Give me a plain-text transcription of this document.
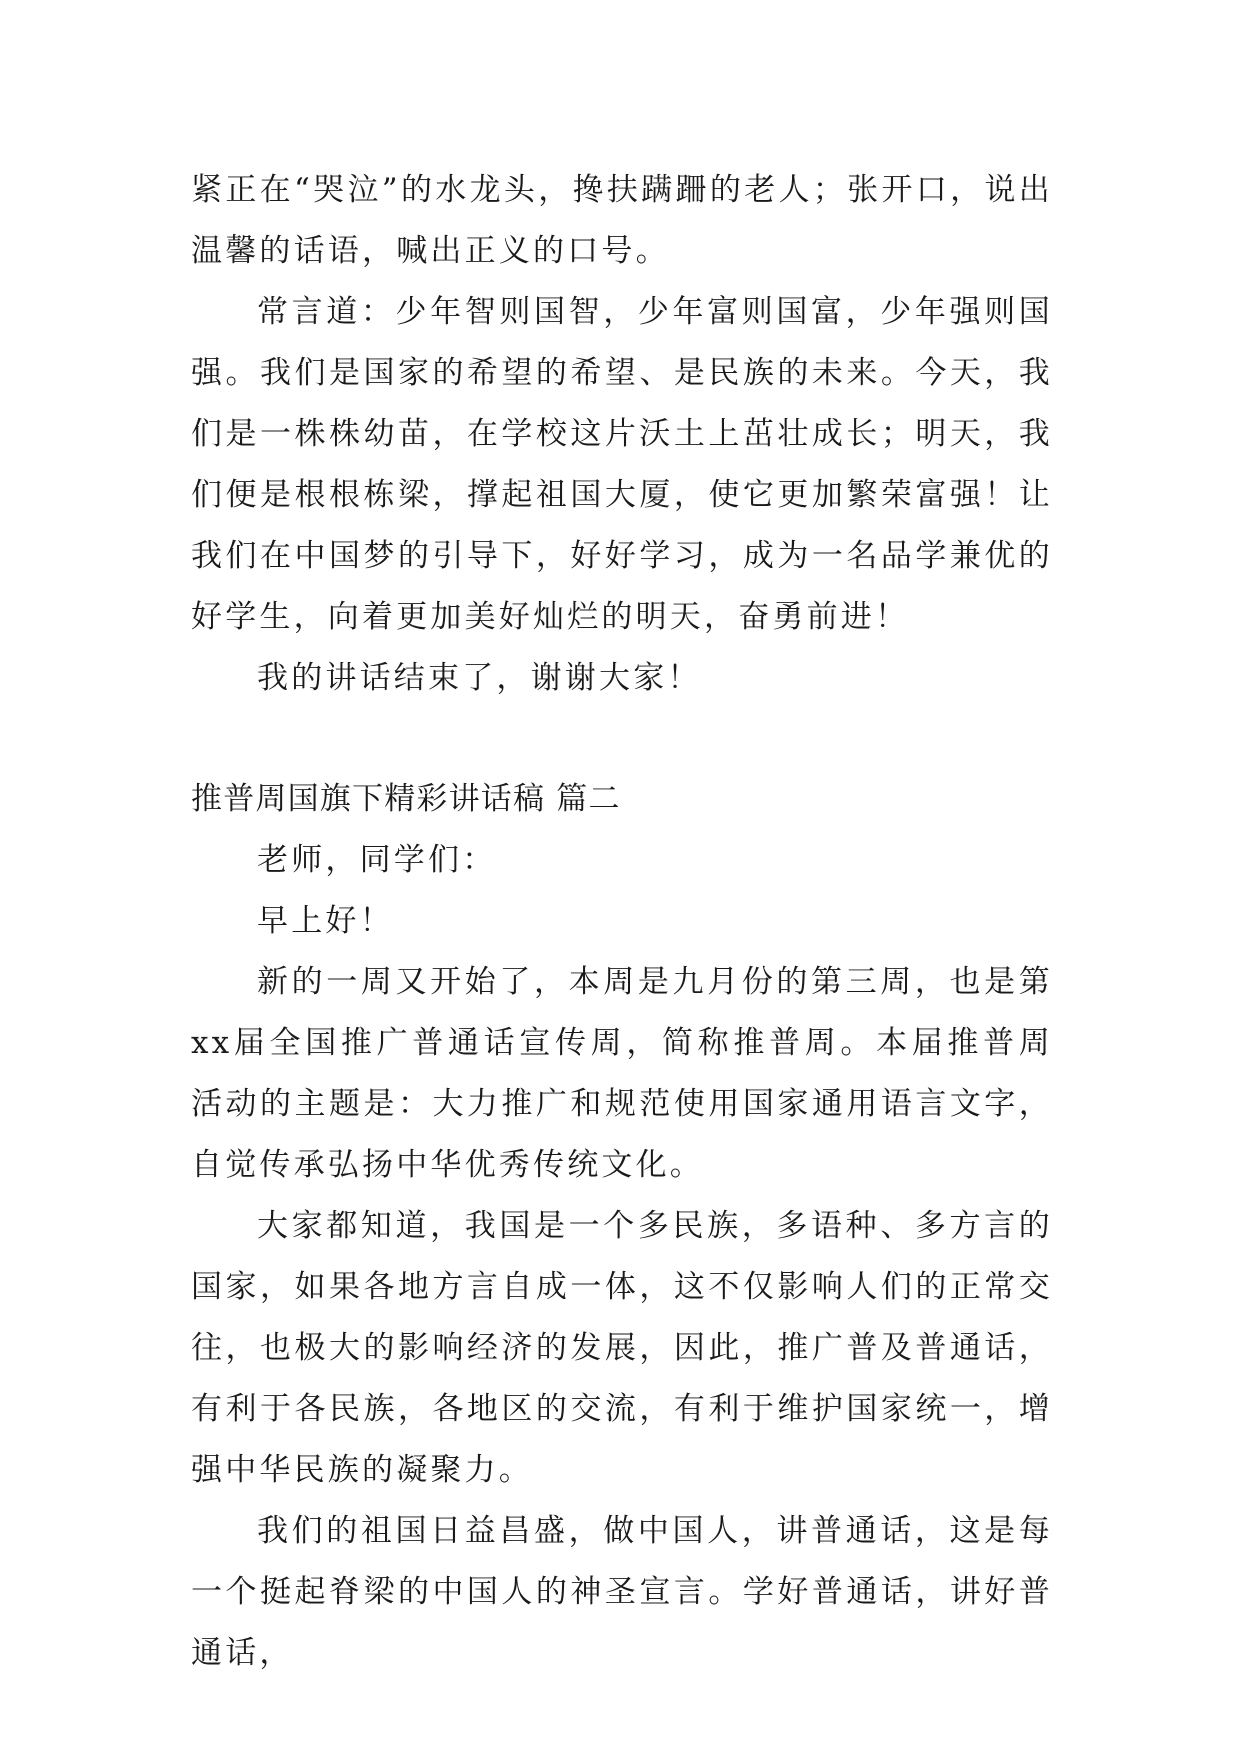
紧正在“哭泣”的水龙头，搀扶蹒跚的老人；张开口，说出温馨的话语，喊出正义的口号。

常言道：少年智则国智，少年富则国富，少年强则国强。我们是国家的希望的希望、是民族的未来。今天，我们是一株株幼苗，在学校这片沃土上茁壮成长；明天，我们便是根根栋梁，撑起祖国大厦，使它更加繁荣富强！让我们在中国梦的引导下，好好学习，成为一名品学兼优的好学生，向着更加美好灿烂的明天，奋勇前进！

我的讲话结束了，谢谢大家！

推普周国旗下精彩讲话稿 篇二

老师，同学们：

早上好！

新的一周又开始了，本周是九月份的第三周，也是第xx届全国推广普通话宣传周，简称推普周。本届推普周活动的主题是：大力推广和规范使用国家通用语言文字，自觉传承弘扬中华优秀传统文化。

大家都知道，我国是一个多民族，多语种、多方言的国家，如果各地方言自成一体，这不仅影响人们的正常交往，也极大的影响经济的发展，因此，推广普及普通话，有利于各民族，各地区的交流，有利于维护国家统一，增强中华民族的凝聚力。

我们的祖国日益昌盛，做中国人，讲普通话，这是每一个挺起脊梁的中国人的神圣宣言。学好普通话，讲好普通话，
